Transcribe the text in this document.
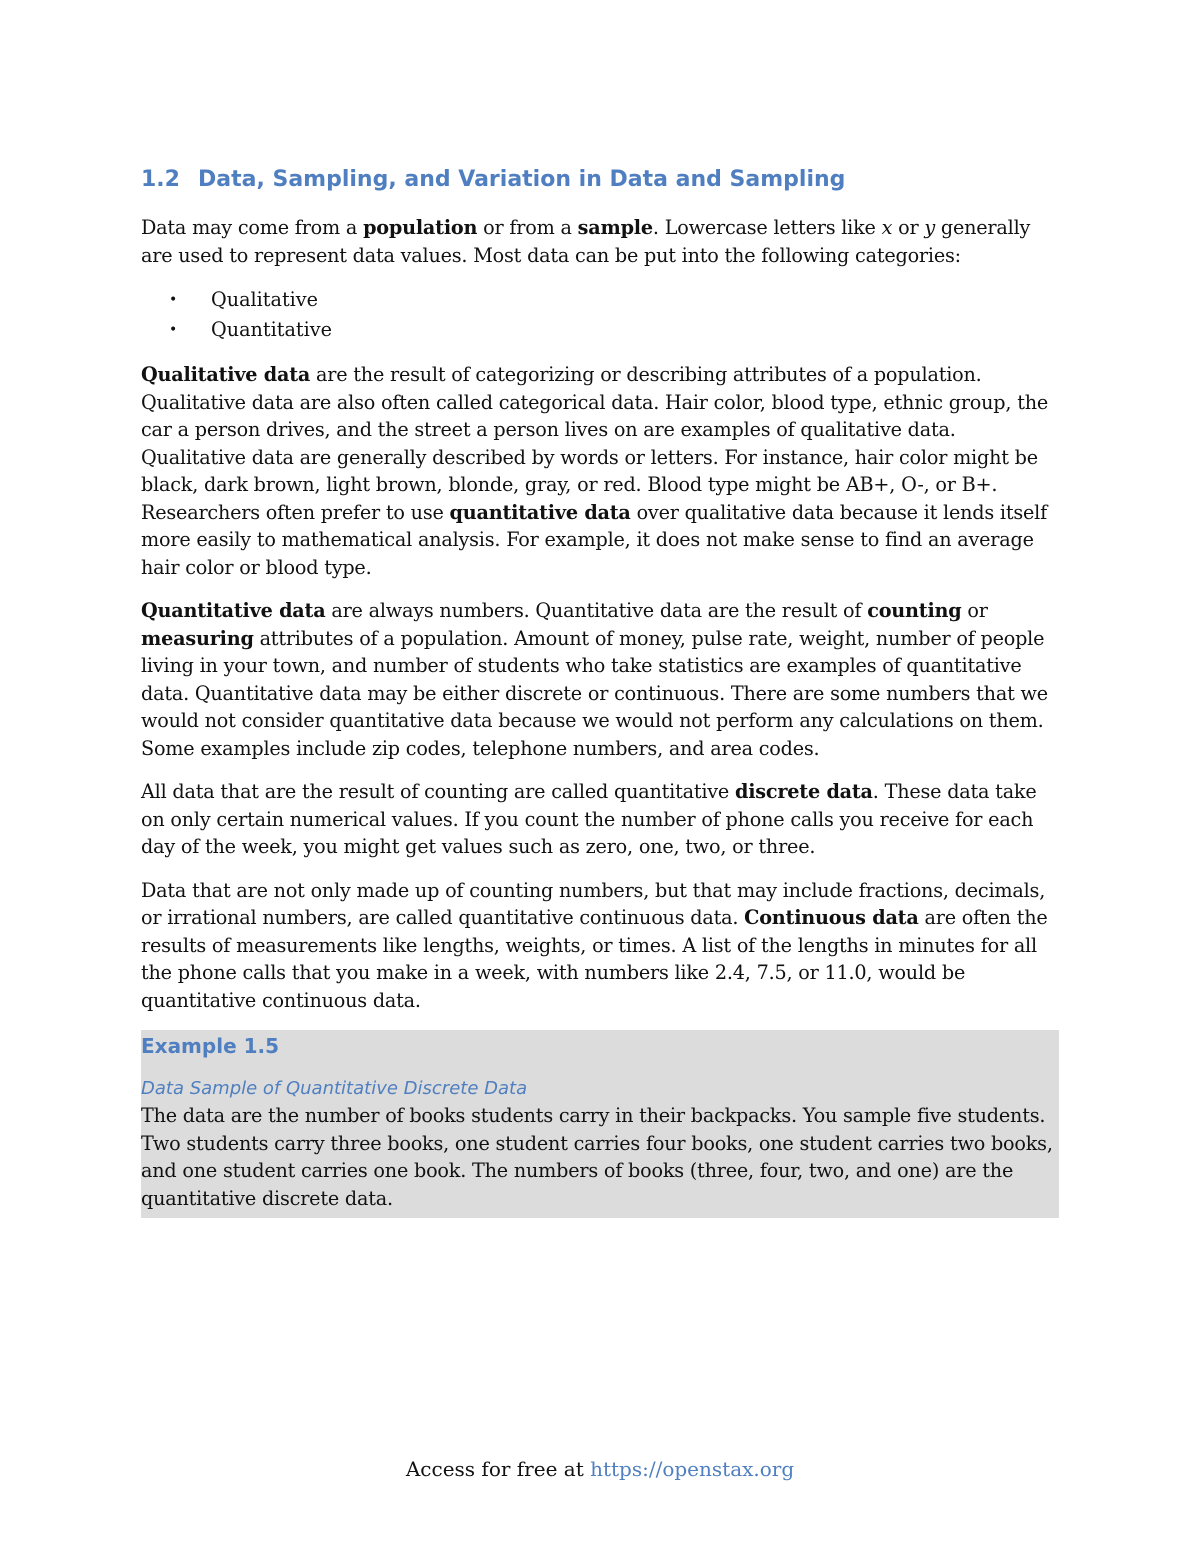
1.2 Data, Sampling, and Variation in Data and Sampling

Data may come from a population or from a sample. Lowercase letters like x or y generally are used to represent data values. Most data can be put into the following categories:

• Qualitative
• Quantitative

Qualitative data are the result of categorizing or describing attributes of a population. Qualitative data are also often called categorical data. Hair color, blood type, ethnic group, the car a person drives, and the street a person lives on are examples of qualitative data. Qualitative data are generally described by words or letters. For instance, hair color might be black, dark brown, light brown, blonde, gray, or red. Blood type might be AB+, O-, or B+. Researchers often prefer to use quantitative data over qualitative data because it lends itself more easily to mathematical analysis. For example, it does not make sense to find an average hair color or blood type.

Quantitative data are always numbers. Quantitative data are the result of counting or measuring attributes of a population. Amount of money, pulse rate, weight, number of people living in your town, and number of students who take statistics are examples of quantitative data. Quantitative data may be either discrete or continuous. There are some numbers that we would not consider quantitative data because we would not perform any calculations on them. Some examples include zip codes, telephone numbers, and area codes.

All data that are the result of counting are called quantitative discrete data. These data take on only certain numerical values. If you count the number of phone calls you receive for each day of the week, you might get values such as zero, one, two, or three.

Data that are not only made up of counting numbers, but that may include fractions, decimals, or irrational numbers, are called quantitative continuous data. Continuous data are often the results of measurements like lengths, weights, or times. A list of the lengths in minutes for all the phone calls that you make in a week, with numbers like 2.4, 7.5, or 11.0, would be quantitative continuous data.

Example 1.5
Data Sample of Quantitative Discrete Data

The data are the number of books students carry in their backpacks. You sample five students. Two students carry three books, one student carries four books, one student carries two books, and one student carries one book. The numbers of books (three, four, two, and one) are the quantitative discrete data.

Access for free at https://openstax.org
